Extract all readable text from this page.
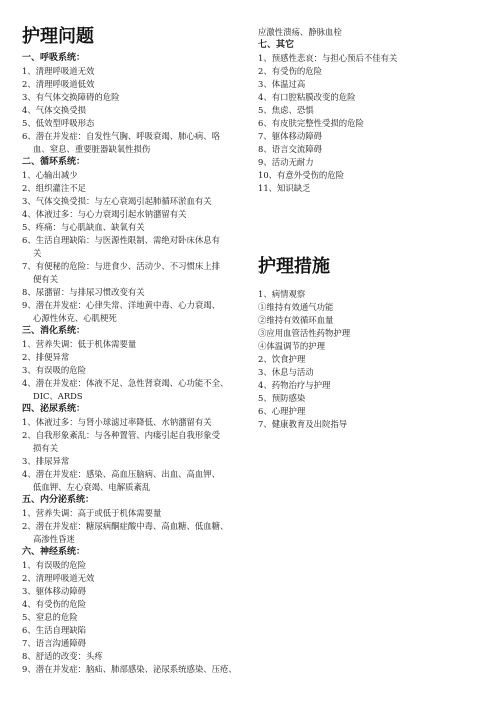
护理问题

一、呼吸系统：

1、清理呼吸道无效

2、清理呼吸道低效

3、有气体交换障碍的危险

4、气体交换受损

5、低效型呼吸形态

6、潜在并发症：自发性气胸、呼吸衰竭、肺心病、咯

血、窒息、重要脏器缺氧性损伤

二、循环系统：

1、心输出减少

2、组织灌注不足

3、气体交换受损：与左心衰竭引起肺循环淤血有关

4、体液过多：与心力衰竭引起水钠潴留有关

5、疼痛：与心肌缺血、缺氧有关

6、生活自理缺陷：与医源性限制、需绝对卧床休息有

关

7、有便秘的危险：与进食少、活动少、不习惯床上排

便有关

8、尿潴留：与排尿习惯改变有关

9、潜在并发症：心律失常、洋地黄中毒、心力衰竭、

心源性休克、心肌梗死

三、消化系统：

1、营养失调：低于机体需要量

2、排便异常

3、有误吸的危险

4、潜在并发症：体液不足、急性肾衰竭、心功能不全、

DIC、ARDS

四、泌尿系统：

1、体液过多：与肾小球滤过率降低、水钠潴留有关

2、自我形象紊乱：与各种置管、内瘘引起自我形象受

损有关

3、排尿异常

4、潜在并发症：感染、高血压脑病、出血、高血钾、

低血钾、左心衰竭、电解质紊乱

五、内分泌系统：

1、营养失调：高于或低于机体需要量

2、潜在并发症：糖尿病酮症酸中毒、高血糖、低血糖、

高渗性昏迷

六、神经系统：

1、有误吸的危险

2、清理呼吸道无效

3、躯体移动障碍

4、有受伤的危险

5、窒息的危险

6、生活自理缺陷

7、语言沟通障碍

8、舒适的改变：头疼

9、潜在并发症：脑疝、肺部感染、泌尿系统感染、压疮、

应激性溃疡、静脉血栓

七、其它

1、预感性悲哀：与担心预后不佳有关

2、有受伤的危险

3、体温过高

4、有口腔粘膜改变的危险

5、焦虑、恐惧

6、有皮肤完整性受损的危险

7、躯体移动障碍

8、语言交流障碍

9、活动无耐力

10、有意外受伤的危险

11、知识缺乏

护理措施

1、病情观察

①维持有效通气功能

②维持有效循环血量

③应用血管活性药物护理

④体温调节的护理

2、饮食护理

3、休息与活动

4、药物治疗与护理

5、预防感染

6、心理护理

7、健康教育及出院指导
